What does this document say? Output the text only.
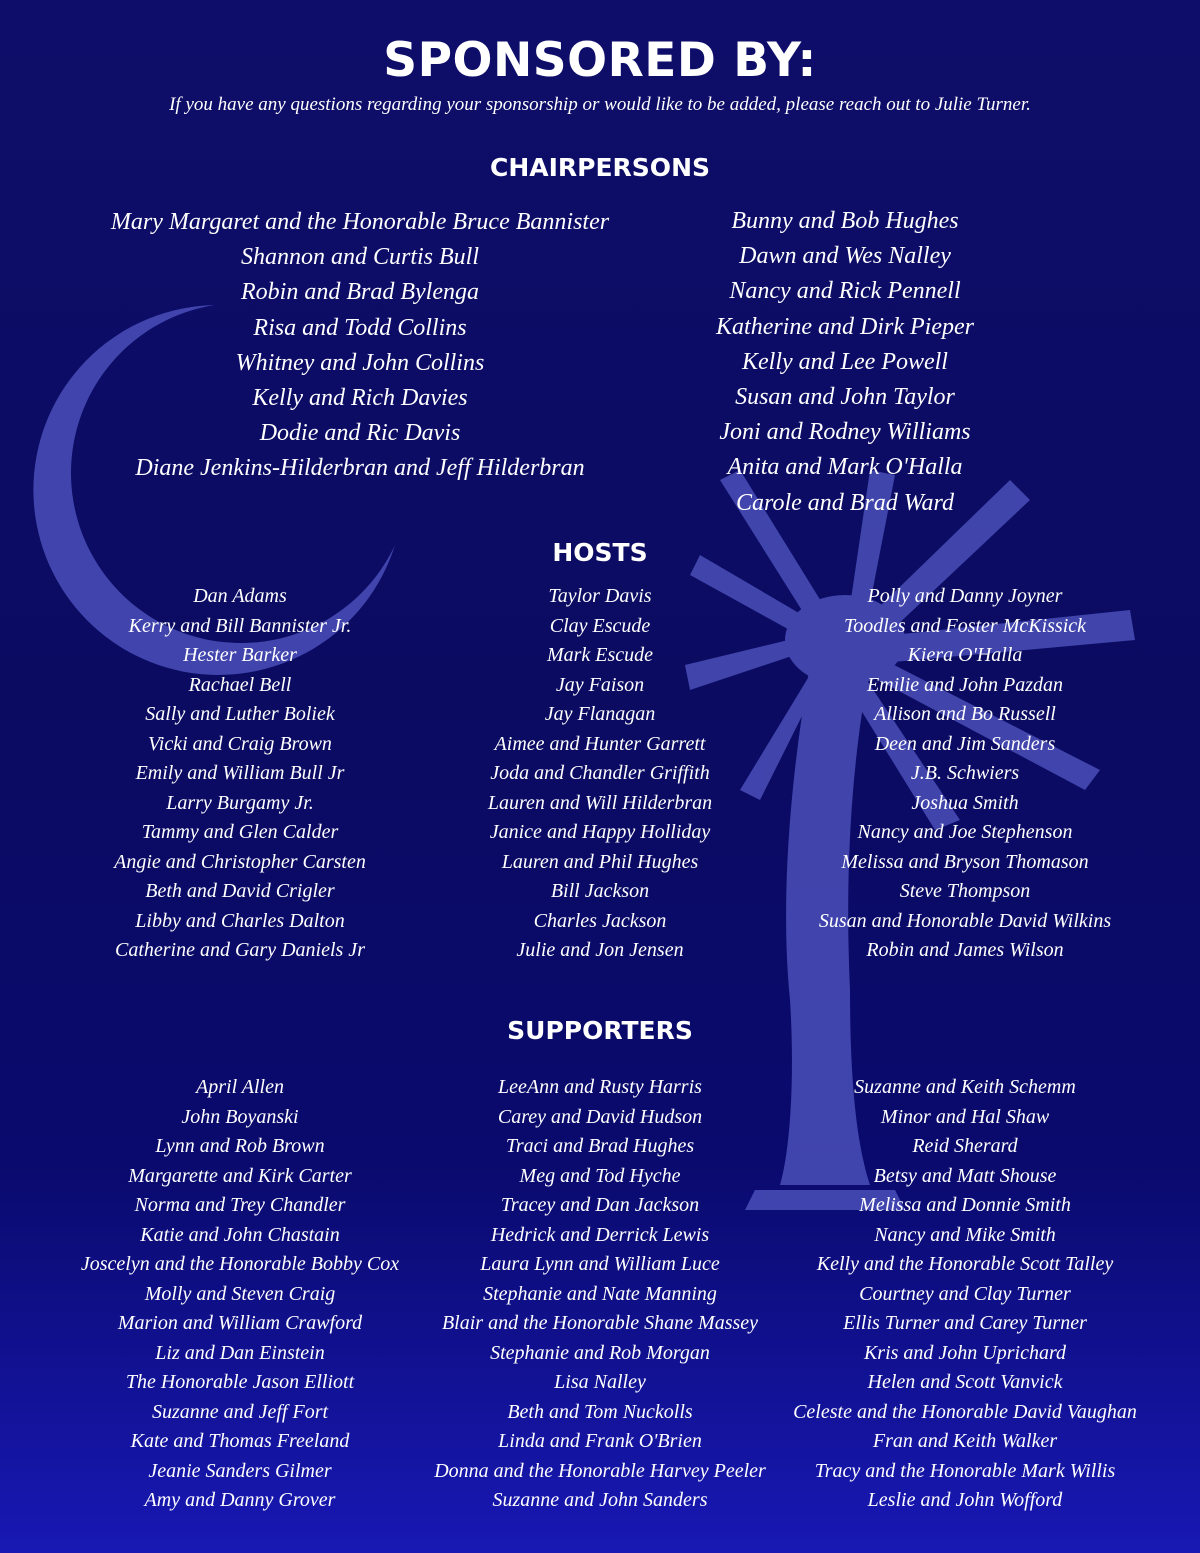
SPONSORED BY:
If you have any questions regarding your sponsorship or would like to be added, please reach out to Julie Turner.
CHAIRPERSONS
Mary Margaret and the Honorable Bruce Bannister
Shannon and Curtis Bull
Robin and Brad Bylenga
Risa and Todd Collins
Whitney and John Collins
Kelly and Rich Davies
Dodie and Ric Davis
Diane Jenkins-Hilderbran and Jeff Hilderbran
Bunny and Bob Hughes
Dawn and Wes Nalley
Nancy and Rick Pennell
Katherine and Dirk Pieper
Kelly and Lee Powell
Susan and John Taylor
Joni and Rodney Williams
Anita and Mark O'Halla
Carole and Brad Ward
HOSTS
Dan Adams
Kerry and Bill Bannister Jr.
Hester Barker
Rachael Bell
Sally and Luther Boliek
Vicki and Craig Brown
Emily and William Bull Jr
Larry Burgamy Jr.
Tammy and Glen Calder
Angie and Christopher Carsten
Beth and David Crigler
Libby and Charles Dalton
Catherine and Gary Daniels Jr
Taylor Davis
Clay Escude
Mark Escude
Jay Faison
Jay Flanagan
Aimee and Hunter Garrett
Joda and Chandler Griffith
Lauren and Will Hilderbran
Janice and Happy Holliday
Lauren and Phil Hughes
Bill Jackson
Charles Jackson
Julie and Jon Jensen
Polly and Danny Joyner
Toodles and Foster McKissick
Kiera O'Halla
Emilie and John Pazdan
Allison and Bo Russell
Deen and Jim Sanders
J.B. Schwiers
Joshua Smith
Nancy and Joe Stephenson
Melissa and Bryson Thomason
Steve Thompson
Susan and Honorable David Wilkins
Robin and James Wilson
SUPPORTERS
April Allen
John Boyanski
Lynn and Rob Brown
Margarette and Kirk Carter
Norma and Trey Chandler
Katie and John Chastain
Joscelyn and the Honorable Bobby Cox
Molly and Steven Craig
Marion and William Crawford
Liz and Dan Einstein
The Honorable Jason Elliott
Suzanne and Jeff Fort
Kate and Thomas Freeland
Jeanie Sanders Gilmer
Amy and Danny Grover
LeeAnn and Rusty Harris
Carey and David Hudson
Traci and Brad Hughes
Meg and Tod Hyche
Tracey and Dan Jackson
Hedrick and Derrick Lewis
Laura Lynn and William Luce
Stephanie and Nate Manning
Blair and the Honorable Shane Massey
Stephanie and Rob Morgan
Lisa Nalley
Beth and Tom Nuckolls
Linda and Frank O'Brien
Donna and the Honorable Harvey Peeler
Suzanne and John Sanders
Suzanne and Keith Schemm
Minor and Hal Shaw
Reid Sherard
Betsy and Matt Shouse
Melissa and Donnie Smith
Nancy and Mike Smith
Kelly and the Honorable Scott Talley
Courtney and Clay Turner
Ellis Turner and Carey Turner
Kris and John Uprichard
Helen and Scott Vanvick
Celeste and the Honorable David Vaughan
Fran and Keith Walker
Tracy and the Honorable Mark Willis
Leslie and John Wofford
